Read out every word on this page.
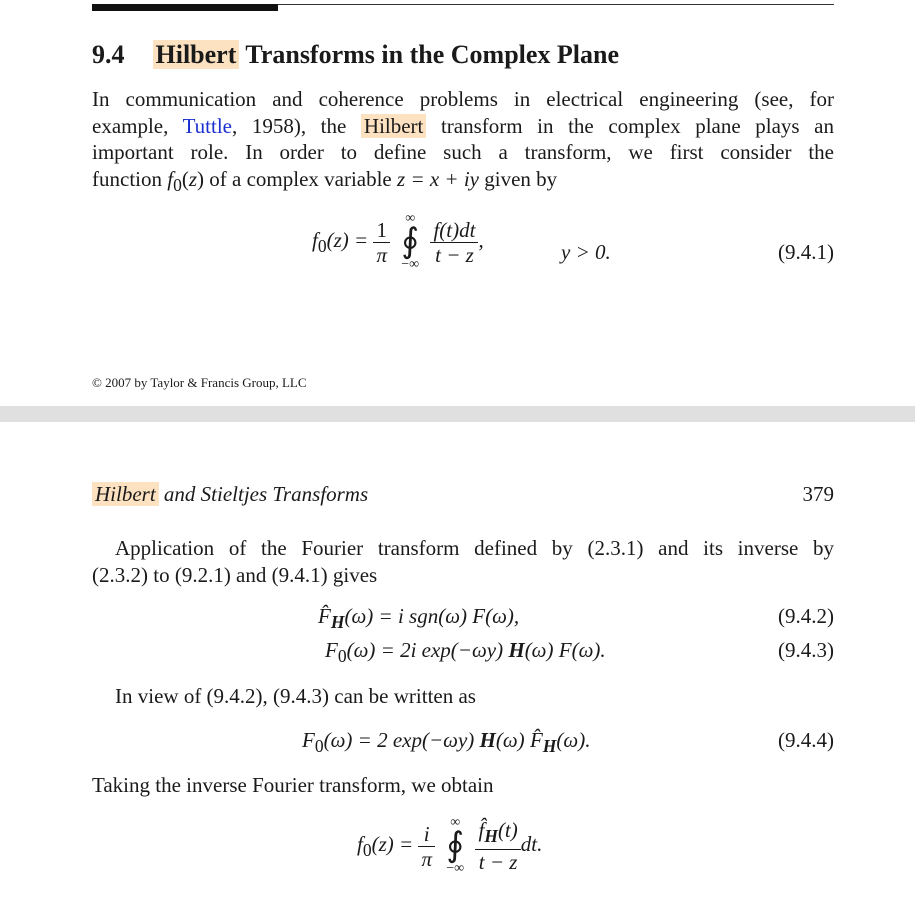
9.4 Hilbert Transforms in the Complex Plane
In communication and coherence problems in electrical engineering (see, for
example, Tuttle, 1958), the Hilbert transform in the complex plane plays an
important role. In order to define such a transform, we first consider the
function $f_0(z)$ of a complex variable z = x + iy given by
$f_0(z) = \frac{1}{\pi}$
	∞
∮
−∞
$\frac{f(t)dt}{t - z}$ ,
y > 0.	(9.4.1)
© 2007 by Taylor & Francis Group, LLC
Hilbert and Stieltjes Transforms	379
Application of the Fourier transform defined by (2.3.1) and its inverse by
(2.3.2) to (9.2.1) and (9.4.1) gives
$F̂_H(\omega) = i$ sgn(ω) F(ω),	(9.4.2)
$F_0(\omega) = 2i$ exp(−ωy) H(ω) F(ω).	(9.4.3)
In view of (9.4.2), (9.4.3) can be written as
$F_0(\omega) = 2$ exp(−ωy) H(ω) $F̂_H(\omega)$.	(9.4.4)
Taking the inverse Fourier transform, we obtain
$f_0(z) = \frac{i}{\pi}$
	∞
∮
−∞
$\frac{f̂_H(t)}{t - z}$ dt.
